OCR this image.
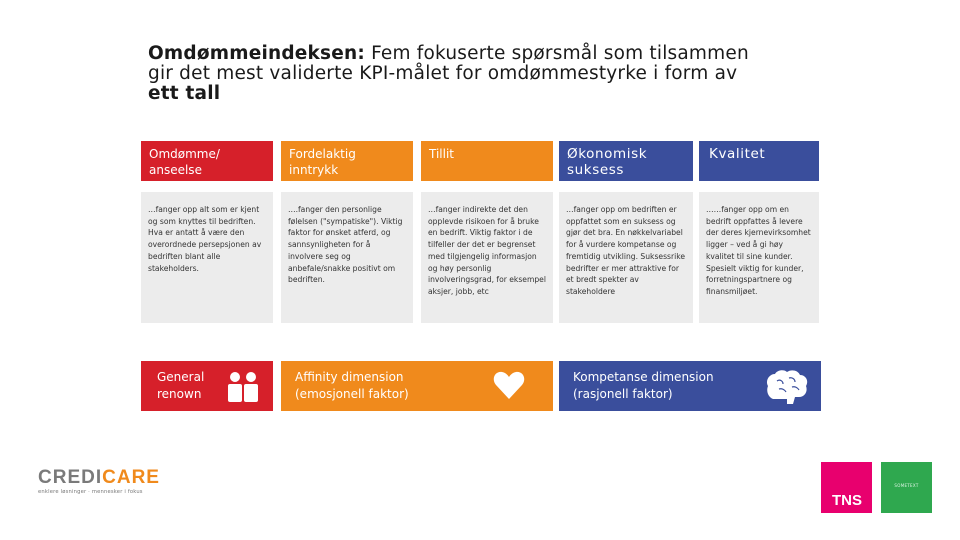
Omdømmeindeksen: Fem fokuserte spørsmål som tilsammen
gir det mest validerte KPI-målet for omdømmestyrke i form av
ett tall
Omdømme/ anseelse
Fordelaktig inntrykk
Tillit	Økonomisk suksess
Kvalitet
…fanger opp alt som er kjent og som knyttes til bedriften. Hva er antatt å være den overordnede persepsjonen av bedriften blant alle stakeholders.
….fanger den personlige følelsen ("sympatiske"). Viktig faktor for ønsket atferd, og sannsynligheten for å involvere seg og anbefale/snakke positivt om bedriften.
…fanger indirekte det den opplevde risikoen for å bruke en bedrift. Viktig faktor i de tilfeller der det er begrenset med tilgjengelig informasjon og høy personlig involveringsgrad, for eksempel aksjer, jobb, etc
…fanger opp om bedriften er oppfattet som en suksess og gjør det bra. En nøkkelvariabel for å vurdere kompetanse og fremtidig utvikling. Suksessrike bedrifter er mer attraktive for et bredt spekter av stakeholdere
……fanger opp om en bedrift oppfattes å levere der deres kjernevirksomhet ligger – ved å gi høy kvalitet til sine kunder. Spesielt viktig for kunder, forretningspartnere og finansmiljøet.
General
renown
Affinity dimension
(emosjonell faktor)
Kompetanse dimension
(rasjonell faktor)
CREDICARE
enklere løsninger · mennesker i fokus	TNS
SOMETEXT
